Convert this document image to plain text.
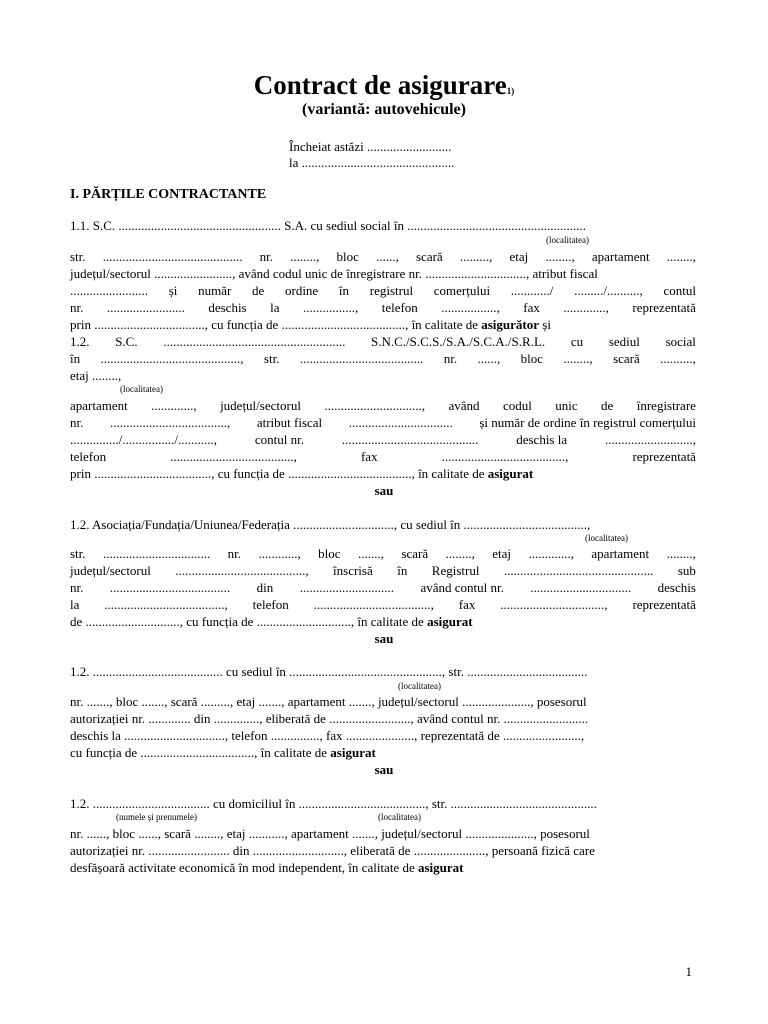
Contract de asigurare$^{1)}$
(variantă: autovehicule)
Încheiat astăzi ..........................
la ...............................................
I. PĂRȚILE CONTRACTANTE
1.1. S.C. .................................................. S.A. cu sediul social în .......................................................
(localitatea)
str. ........................................... nr. ........, bloc ......, scară ........., etaj ........, apartament ........,
județul/sectorul ........................, având codul unic de înregistrare nr. ..............................., atribut fiscal
........................ și număr de ordine în registrul comerțului ............/ ........./.........., contul
nr. ........................ deschis la ................, telefon ................., fax ............., reprezentată
prin .................................., cu funcția de ......................................, în calitate de asigurător și
1.2. S.C. ........................................................ S.N.C./S.C.S./S.A./S.C.A./S.R.L. cu sediul social
în ..........................................., str. ...................................... nr. ......, bloc ........, scară ..........,
etaj ........,
(localitatea)
apartament ............., județul/sectorul .............................., având codul unic de înregistrare
nr. ...................................., atribut fiscal ................................ și număr de ordine în registrul comerțului
.............../................/...........,	contul nr.	..........................................	deschis la	...........................,
telefon	......................................,	fax	......................................,	reprezentată
prin ...................................., cu funcția de ......................................, în calitate de asigurat
sau
1.2. Asociația/Fundația/Uniunea/Federația ..............................., cu sediul în ......................................,
(localitatea)
str. ................................. nr. ............, bloc ......., scară ........, etaj ............., apartament ........,
județul/sectorul ........................................, înscrisă în Registrul .............................................. sub
nr. ..................................... din ............................. având contul nr. ............................... deschis
la ....................................., telefon ...................................., fax ................................, reprezentată
de ............................., cu funcția de ............................., în calitate de asigurat
sau
1.2. ........................................ cu sediul în ..............................................., str. .....................................
(localitatea)
nr. ......., bloc ......., scară ........., etaj ......., apartament ......., județul/sectorul ....................., posesorul
autorizației nr. ............. din .............., eliberată de ........................., având contul nr. ..........................
deschis la ..............................., telefon ..............., fax ....................., reprezentată de ........................,
cu funcția de ..................................., în calitate de asigurat
sau
1.2. .................................... cu domiciliul în ......................................., str. .............................................
(numele și prenumele)	(localitatea)
nr. ......, bloc ......, scară ........, etaj ..........., apartament ......., județul/sectorul ....................., posesorul
autorizației nr. ......................... din ............................, eliberată de ......................, persoană fizică care
desfășoară activitate economică în mod independent, în calitate de asigurat
1
